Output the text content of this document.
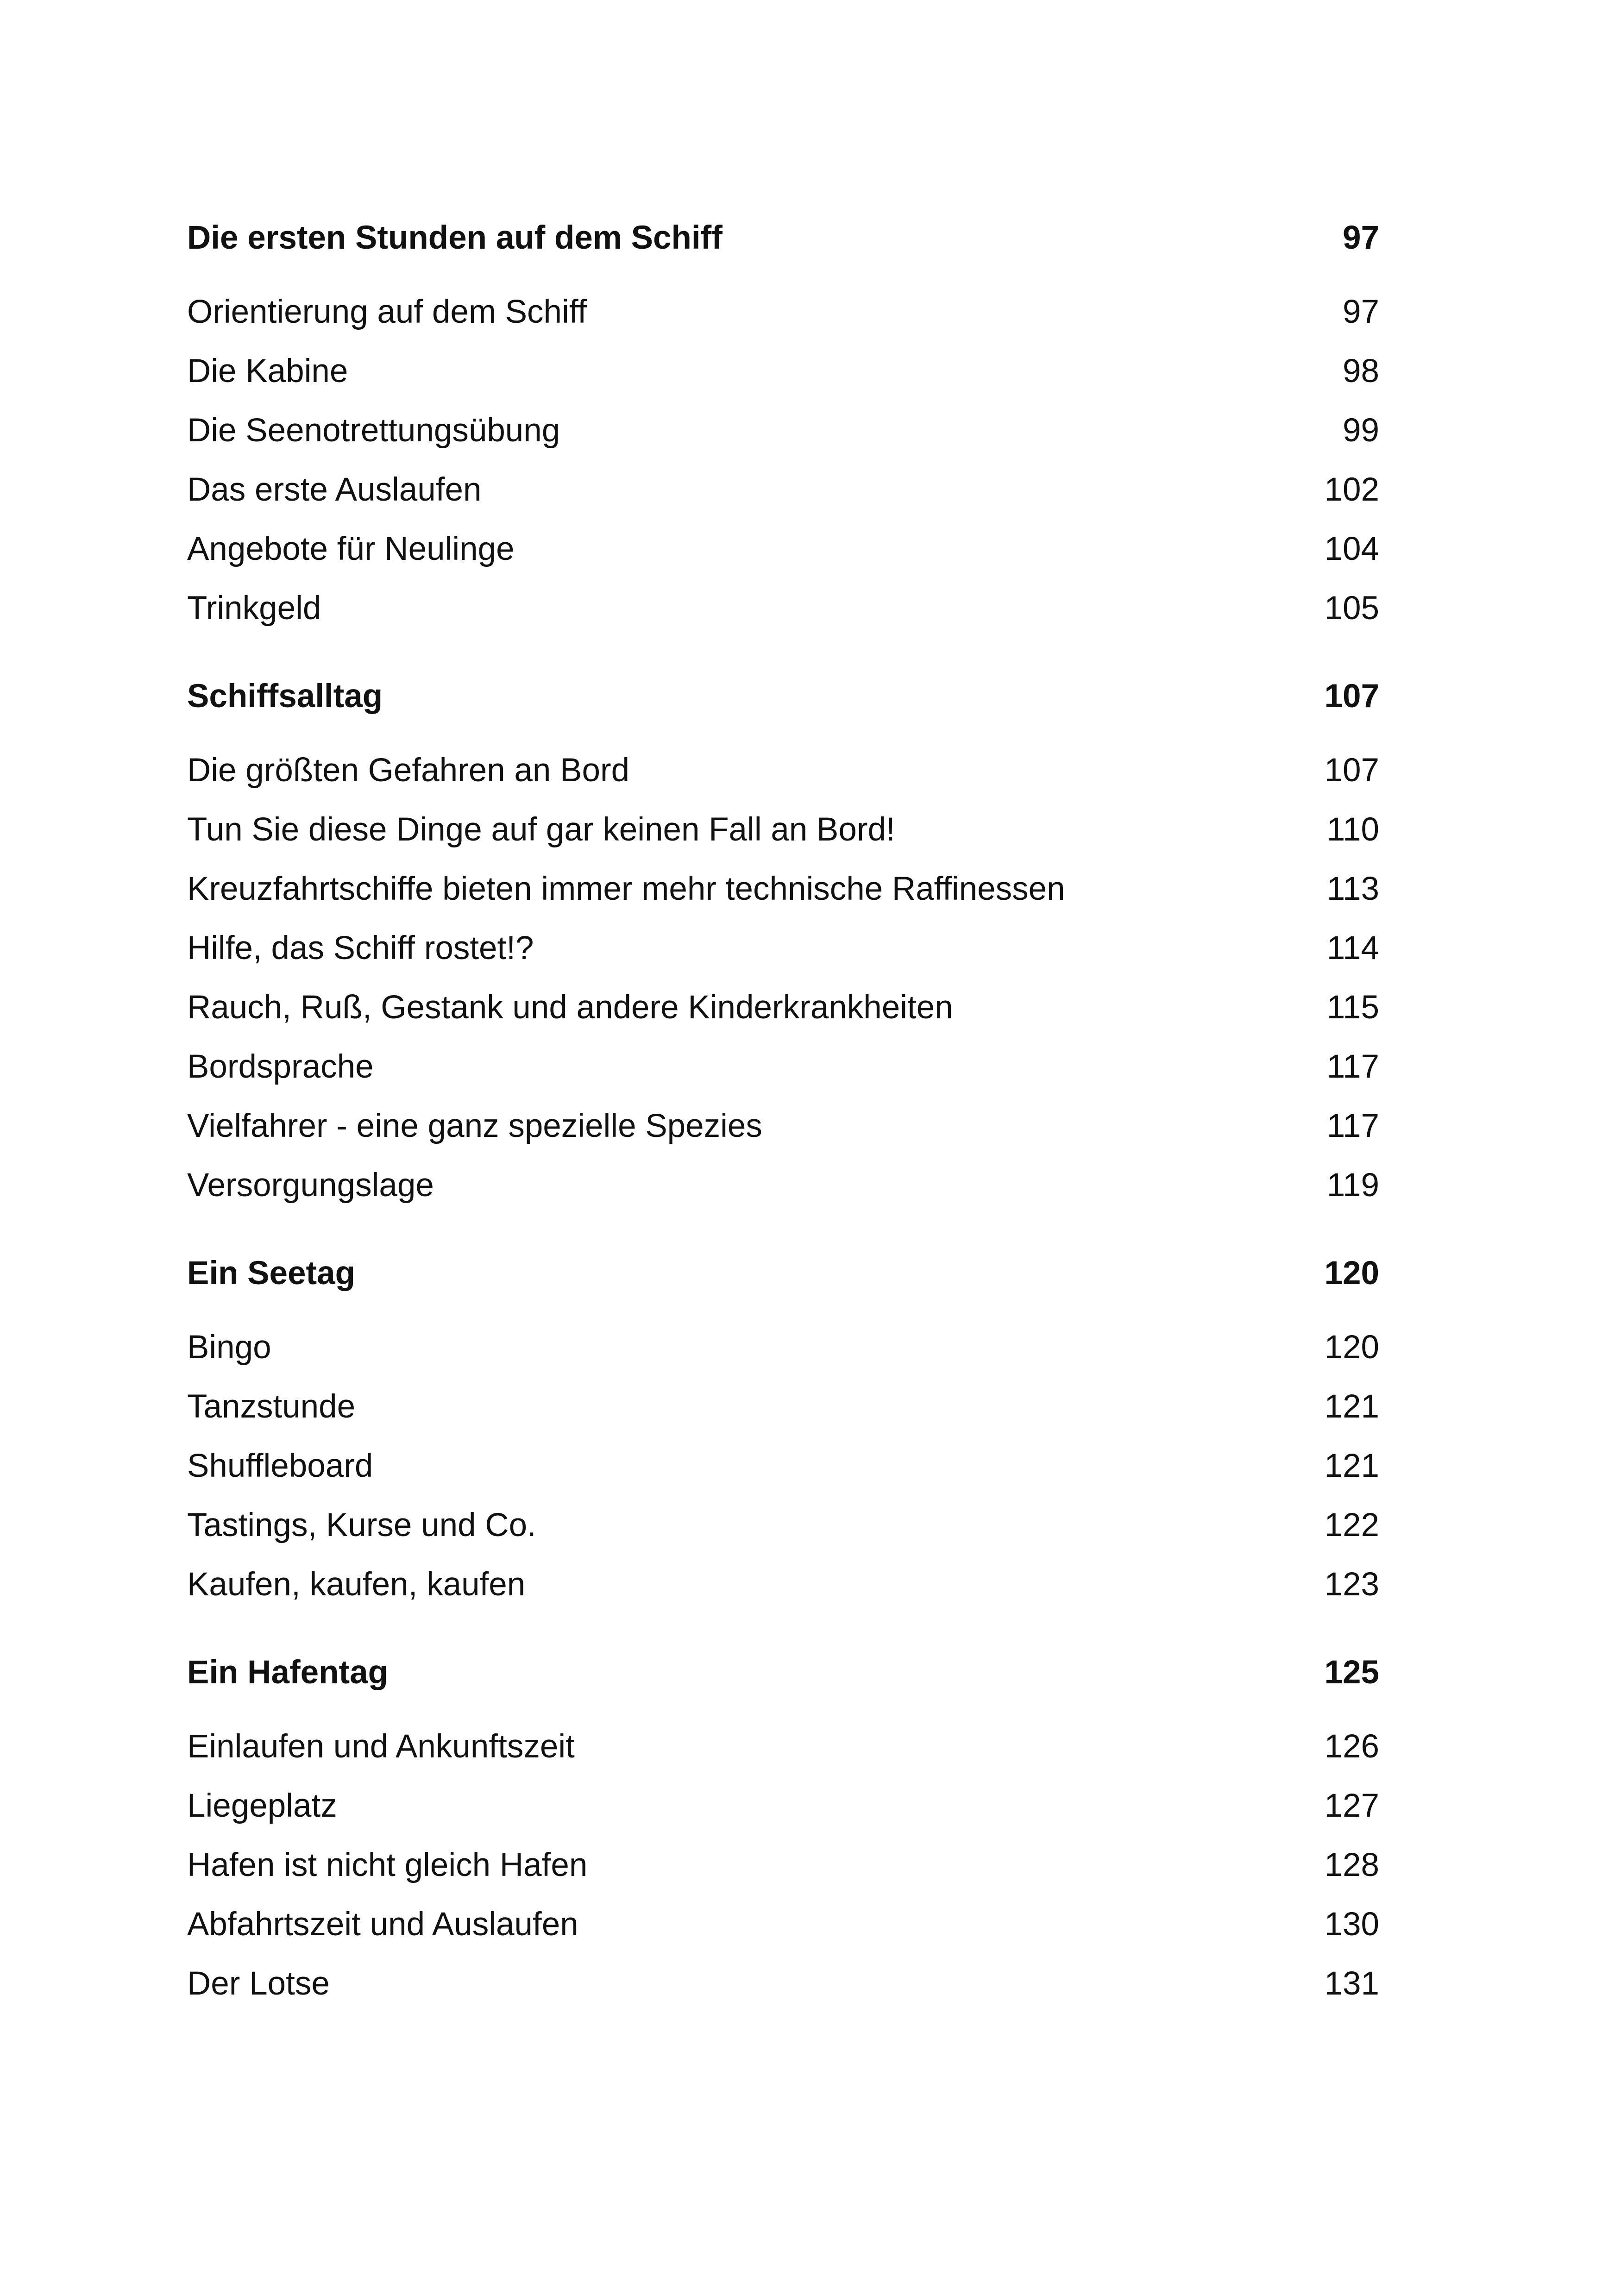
Die ersten Stunden auf dem Schiff	97
Orientierung auf dem Schiff	97
Die Kabine	98
Die Seenotrettungsübung	99
Das erste Auslaufen	102
Angebote für Neulinge	104
Trinkgeld	105
Schiffsalltag	107
Die größten Gefahren an Bord	107
Tun Sie diese Dinge auf gar keinen Fall an Bord!	110
Kreuzfahrtschiffe bieten immer mehr technische Raffinessen	113
Hilfe, das Schiff rostet!?	114
Rauch, Ruß, Gestank und andere Kinderkrankheiten	115
Bordsprache	117
Vielfahrer - eine ganz spezielle Spezies	117
Versorgungslage	119
Ein Seetag	120
Bingo	120
Tanzstunde	121
Shuffleboard	121
Tastings, Kurse und Co.	122
Kaufen, kaufen, kaufen	123
Ein Hafentag	125
Einlaufen und Ankunftszeit	126
Liegeplatz	127
Hafen ist nicht gleich Hafen	128
Abfahrtszeit und Auslaufen	130
Der Lotse	131
